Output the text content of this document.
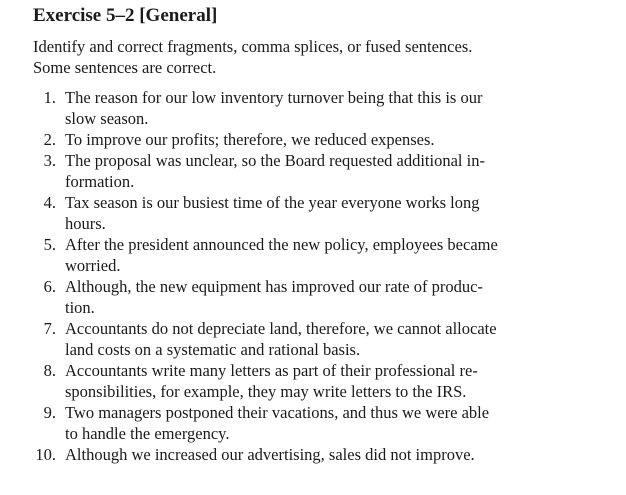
Exercise 5–2 [General]
Identify and correct fragments, comma splices, or fused sentences.
Some sentences are correct.
1. The reason for our low inventory turnover being that this is our
slow season.
2. To improve our profits; therefore, we reduced expenses.
3. The proposal was unclear, so the Board requested additional in-
formation.
4. Tax season is our busiest time of the year everyone works long
hours.
5. After the president announced the new policy, employees became
worried.
6. Although, the new equipment has improved our rate of produc-
tion.
7. Accountants do not depreciate land, therefore, we cannot allocate
land costs on a systematic and rational basis.
8. Accountants write many letters as part of their professional re-
sponsibilities, for example, they may write letters to the IRS.
9. Two managers postponed their vacations, and thus we were able
to handle the emergency.
10. Although we increased our advertising, sales did not improve.
